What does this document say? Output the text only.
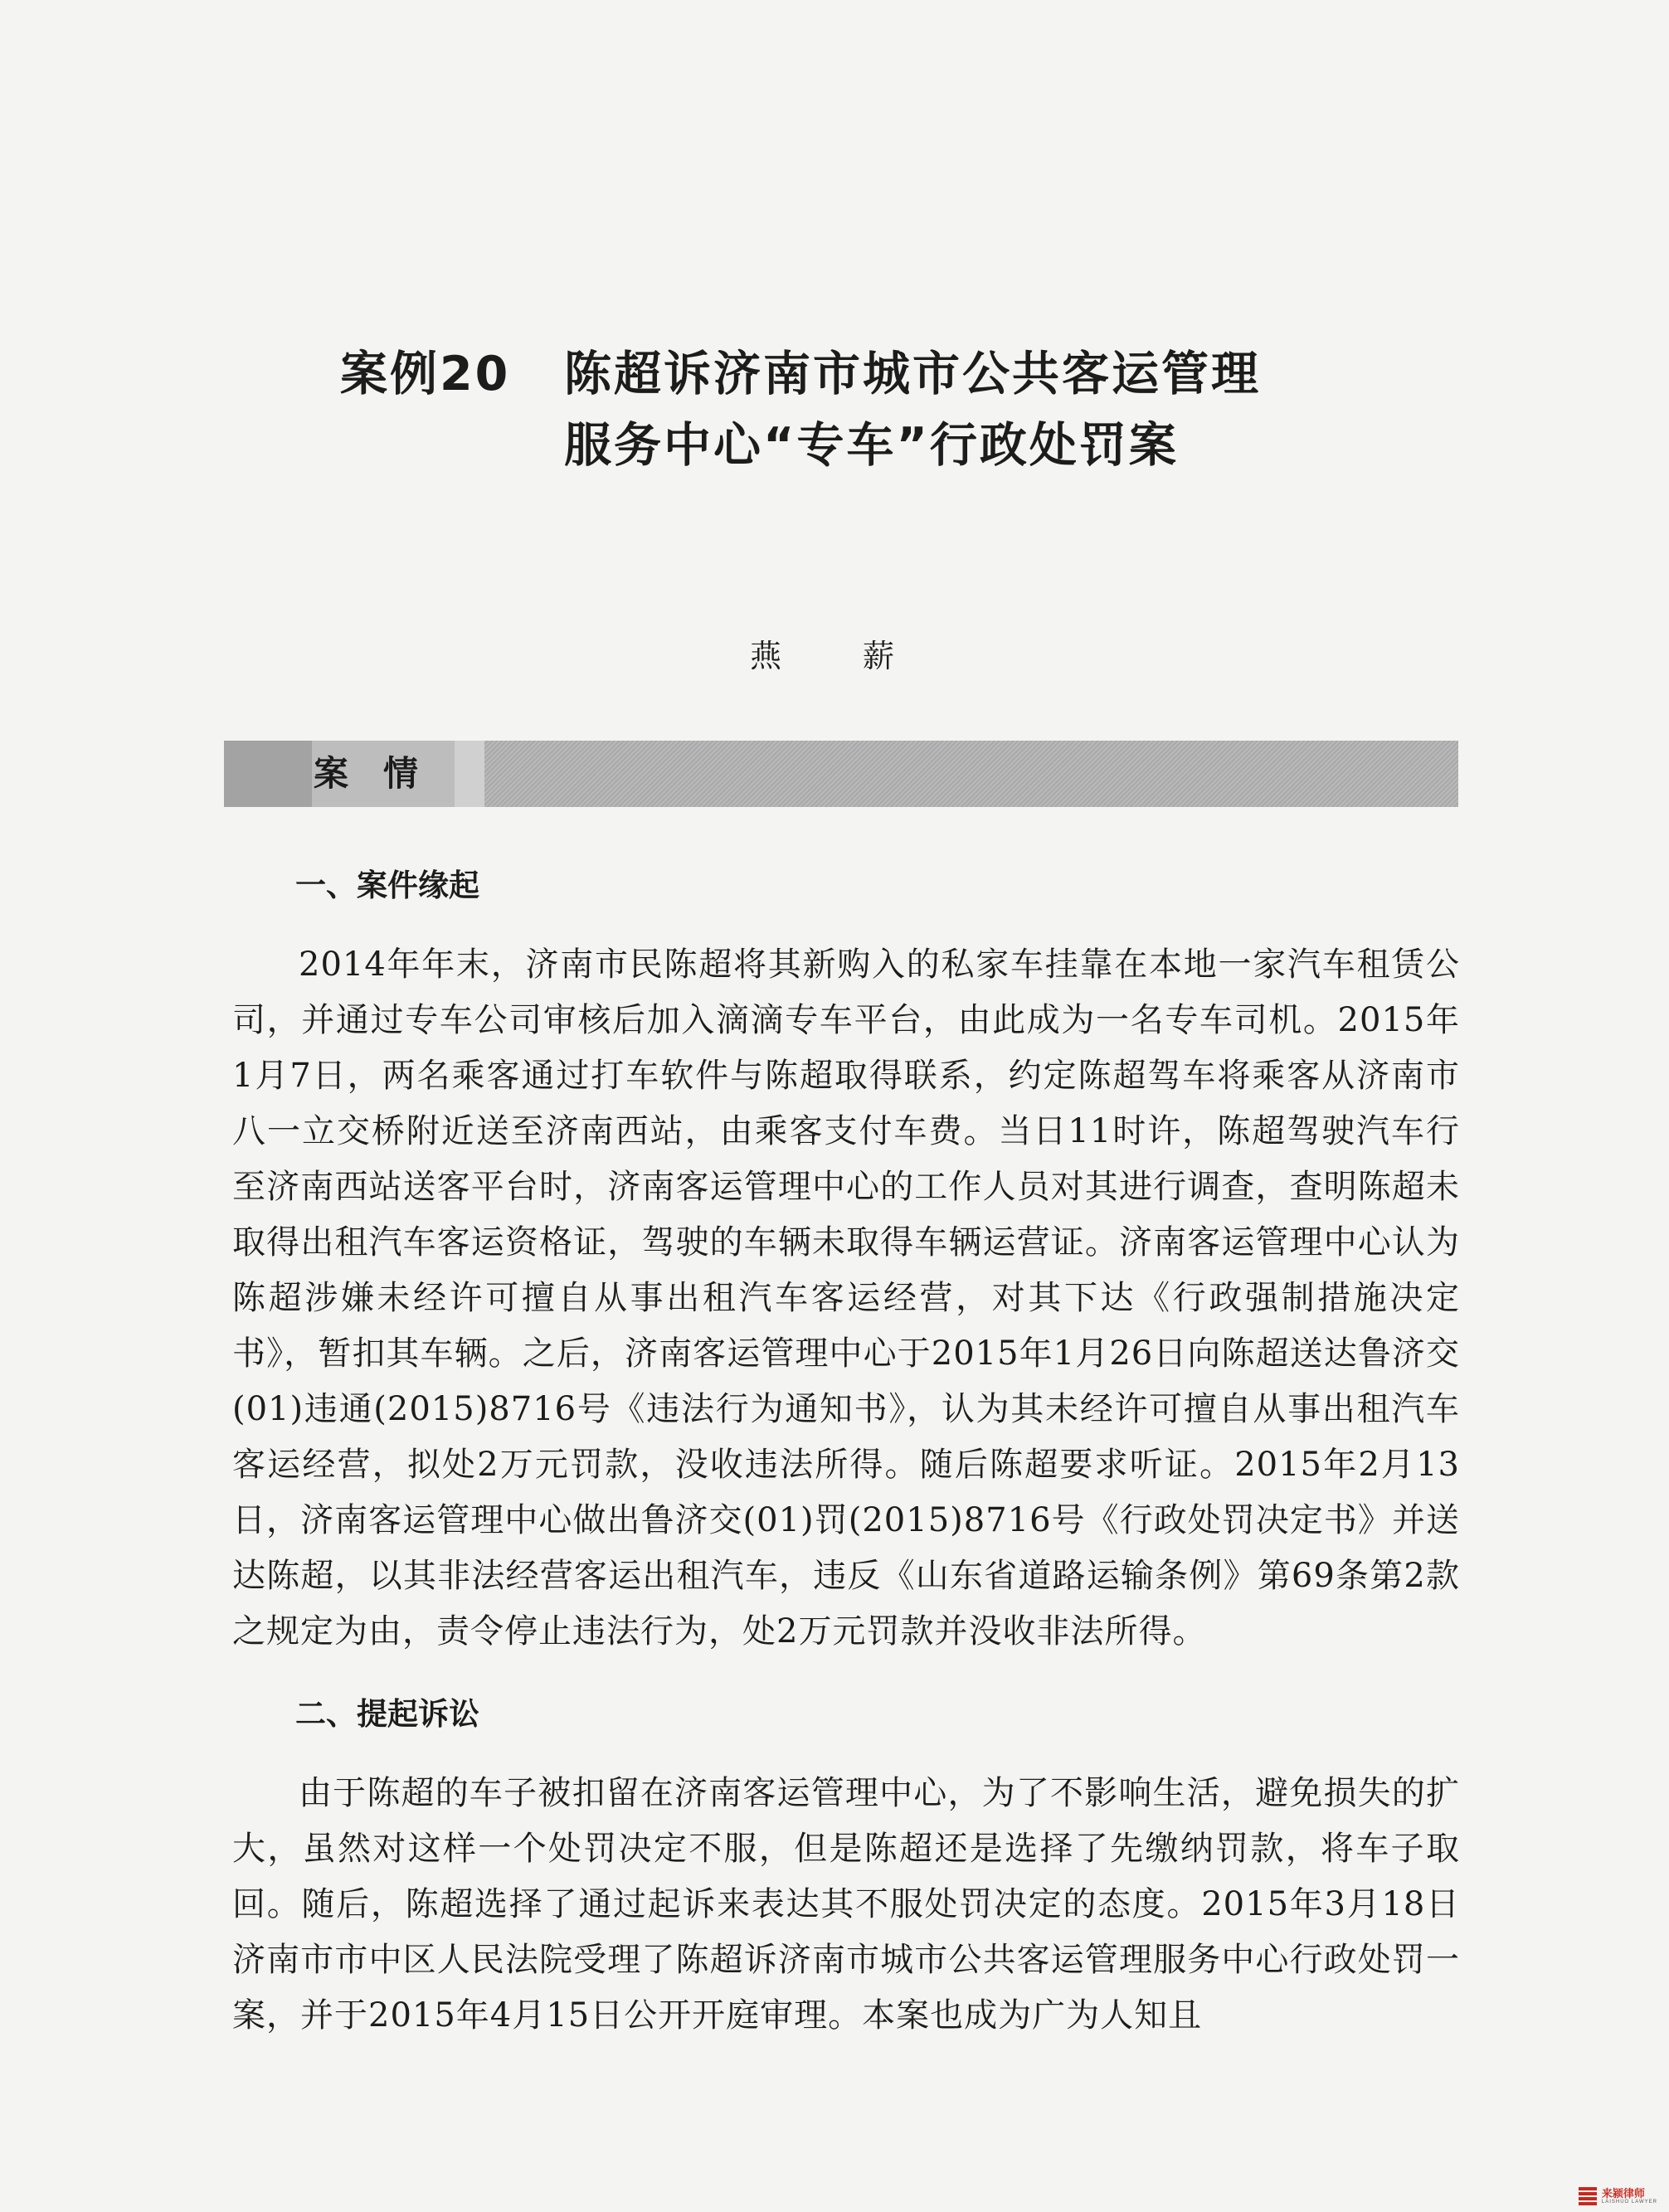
案例20 陈超诉济南市城市公共客运管理
服务中心“专车”行政处罚案
燕　薪
案情
一、案件缘起

2014年年末，济南市民陈超将其新购入的私家车挂靠在本地一家汽车租赁公司，并通过专车公司审核后加入滴滴专车平台，由此成为一名专车司机。2015年1月7日，两名乘客通过打车软件与陈超取得联系，约定陈超驾车将乘客从济南市八一立交桥附近送至济南西站，由乘客支付车费。当日11时许，陈超驾驶汽车行至济南西站送客平台时，济南客运管理中心的工作人员对其进行调查，查明陈超未取得出租汽车客运资格证，驾驶的车辆未取得车辆运营证。济南客运管理中心认为陈超涉嫌未经许可擅自从事出租汽车客运经营，对其下达《行政强制措施决定书》，暂扣其车辆。之后，济南客运管理中心于2015年1月26日向陈超送达鲁济交(01)违通(2015)8716号《违法行为通知书》，认为其未经许可擅自从事出租汽车客运经营，拟处2万元罚款，没收违法所得。随后陈超要求听证。2015年2月13日，济南客运管理中心做出鲁济交(01)罚(2015)8716号《行政处罚决定书》并送达陈超，以其非法经营客运出租汽车，违反《山东省道路运输条例》第69条第2款之规定为由，责令停止违法行为，处2万元罚款并没收非法所得。

二、提起诉讼

由于陈超的车子被扣留在济南客运管理中心，为了不影响生活，避免损失的扩大，虽然对这样一个处罚决定不服，但是陈超还是选择了先缴纳罚款，将车子取回。随后，陈超选择了通过起诉来表达其不服处罚决定的态度。2015年3月18日济南市市中区人民法院受理了陈超诉济南市城市公共客运管理服务中心行政处罚一案，并于2015年4月15日公开开庭审理。本案也成为广为人知且

来颍律师
LAISHUO LAWYER
